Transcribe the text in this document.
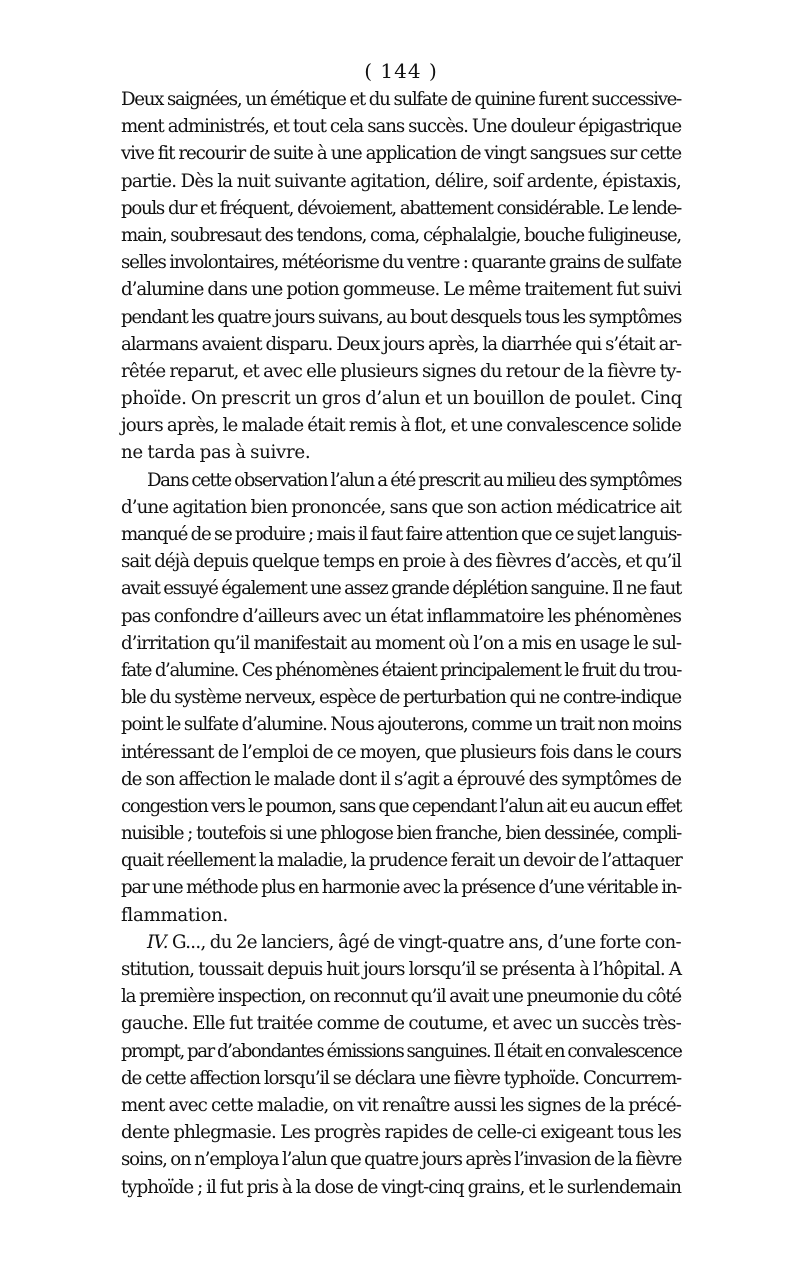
( 144 )
Deux saignées, un émétique et du sulfate de quinine furent successive-
ment administrés, et tout cela sans succès. Une douleur épigastrique
vive fit recourir de suite à une application de vingt sangsues sur cette
partie. Dès la nuit suivante agitation, délire, soif ardente, épistaxis,
pouls dur et fréquent, dévoiement, abattement considérable. Le lende-
main, soubresaut des tendons, coma, céphalalgie, bouche fuligineuse,
selles involontaires, météorisme du ventre : quarante grains de sulfate
d’alumine dans une potion gommeuse. Le même traitement fut suivi
pendant les quatre jours suivans, au bout desquels tous les symptômes
alarmans avaient disparu. Deux jours après, la diarrhée qui s’était ar-
rêtée reparut, et avec elle plusieurs signes du retour de la fièvre ty-
phoïde. On prescrit un gros d’alun et un bouillon de poulet. Cinq
jours après, le malade était remis à flot, et une convalescence solide
ne tarda pas à suivre.
Dans cette observation l’alun a été prescrit au milieu des symptômes
d’une agitation bien prononcée, sans que son action médicatrice ait
manqué de se produire ; mais il faut faire attention que ce sujet languis-
sait déjà depuis quelque temps en proie à des fièvres d’accès, et qu’il
avait essuyé également une assez grande déplétion sanguine. Il ne faut
pas confondre d’ailleurs avec un état inflammatoire les phénomènes
d’irritation qu’il manifestait au moment où l’on a mis en usage le sul-
fate d’alumine. Ces phénomènes étaient principalement le fruit du trou-
ble du système nerveux, espèce de perturbation qui ne contre-indique
point le sulfate d’alumine. Nous ajouterons, comme un trait non moins
intéressant de l’emploi de ce moyen, que plusieurs fois dans le cours
de son affection le malade dont il s’agit a éprouvé des symptômes de
congestion vers le poumon, sans que cependant l’alun ait eu aucun effet
nuisible ; toutefois si une phlogose bien franche, bien dessinée, compli-
quait réellement la maladie, la prudence ferait un devoir de l’attaquer
par une méthode plus en harmonie avec la présence d’une véritable in-
flammation.
IV. G..., du 2e lanciers, âgé de vingt-quatre ans, d’une forte con-
stitution, toussait depuis huit jours lorsqu’il se présenta à l’hôpital. A
la première inspection, on reconnut qu’il avait une pneumonie du côté
gauche. Elle fut traitée comme de coutume, et avec un succès très-
prompt, par d’abondantes émissions sanguines. Il était en convalescence
de cette affection lorsqu’il se déclara une fièvre typhoïde. Concurrem-
ment avec cette maladie, on vit renaître aussi les signes de la précé-
dente phlegmasie. Les progrès rapides de celle-ci exigeant tous les
soins, on n’employa l’alun que quatre jours après l’invasion de la fièvre
typhoïde ; il fut pris à la dose de vingt-cinq grains, et le surlendemain
